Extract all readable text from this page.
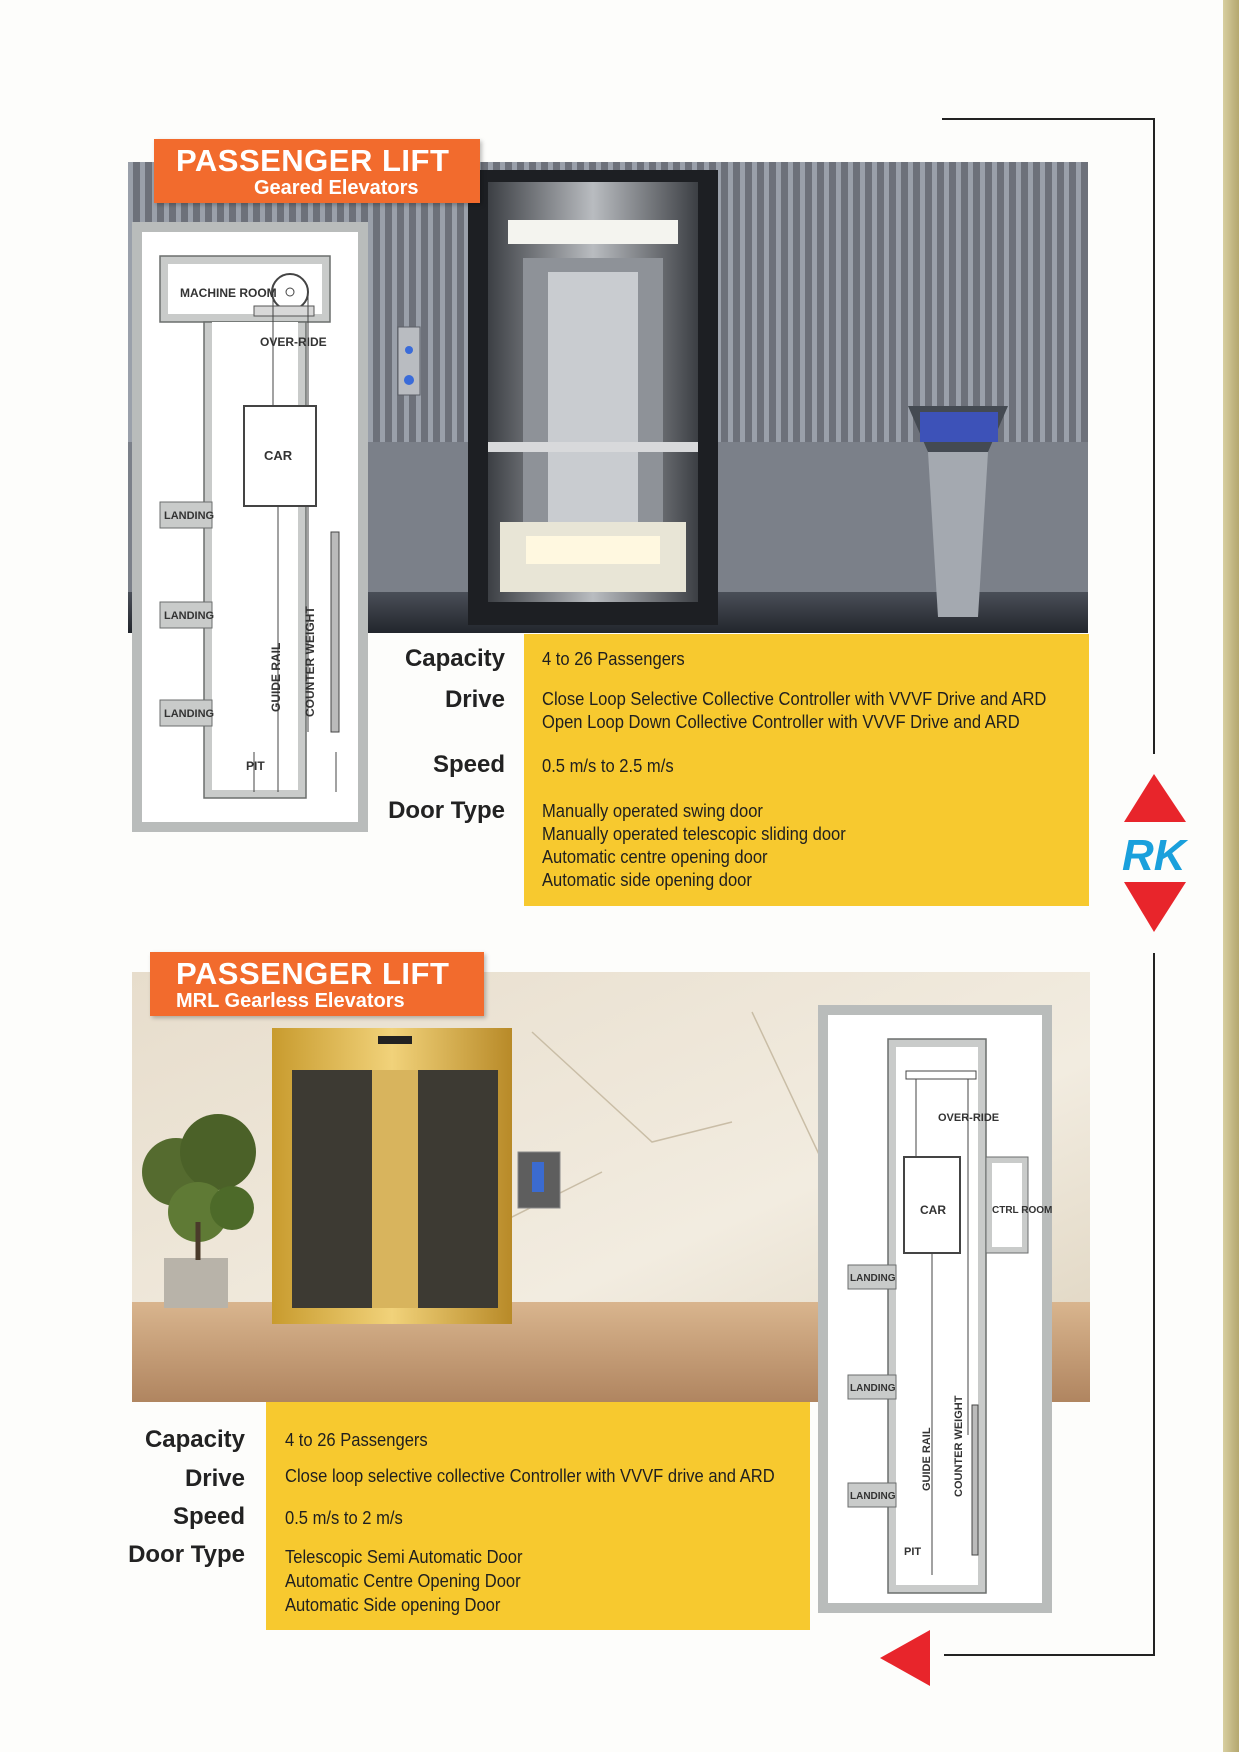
RK
MACHINE ROOM
OVER-RIDE
CAR
LANDING
LANDING
LANDING
GUIDE RAIL COUNTER WEIGHT
PIT
PASSENGER LIFT
Geared Elevators
Capacity 4 to 26 Passengers
Drive Close Loop Selective Collective Controller with VVVF Drive and ARD
Open Loop Down Collective Controller with VVVF Drive and ARD
Speed 0.5 m/s to 2.5 m/s
Door Type Manually operated swing door
Manually operated telescopic sliding door
Automatic centre opening door
Automatic side opening door
OVER-RIDE
CAR	CTRL ROOM
LANDING
LANDING
LANDING
GUIDE RAIL COUNTER WEIGHT
PIT
PASSENGER LIFT
MRL Gearless Elevators
Capacity 4 to 26 Passengers
Drive Close loop selective collective Controller with VVVF drive and ARD
Speed 0.5 m/s to 2 m/s
Door Type Telescopic Semi Automatic Door
Automatic Centre Opening Door
Automatic Side opening Door
